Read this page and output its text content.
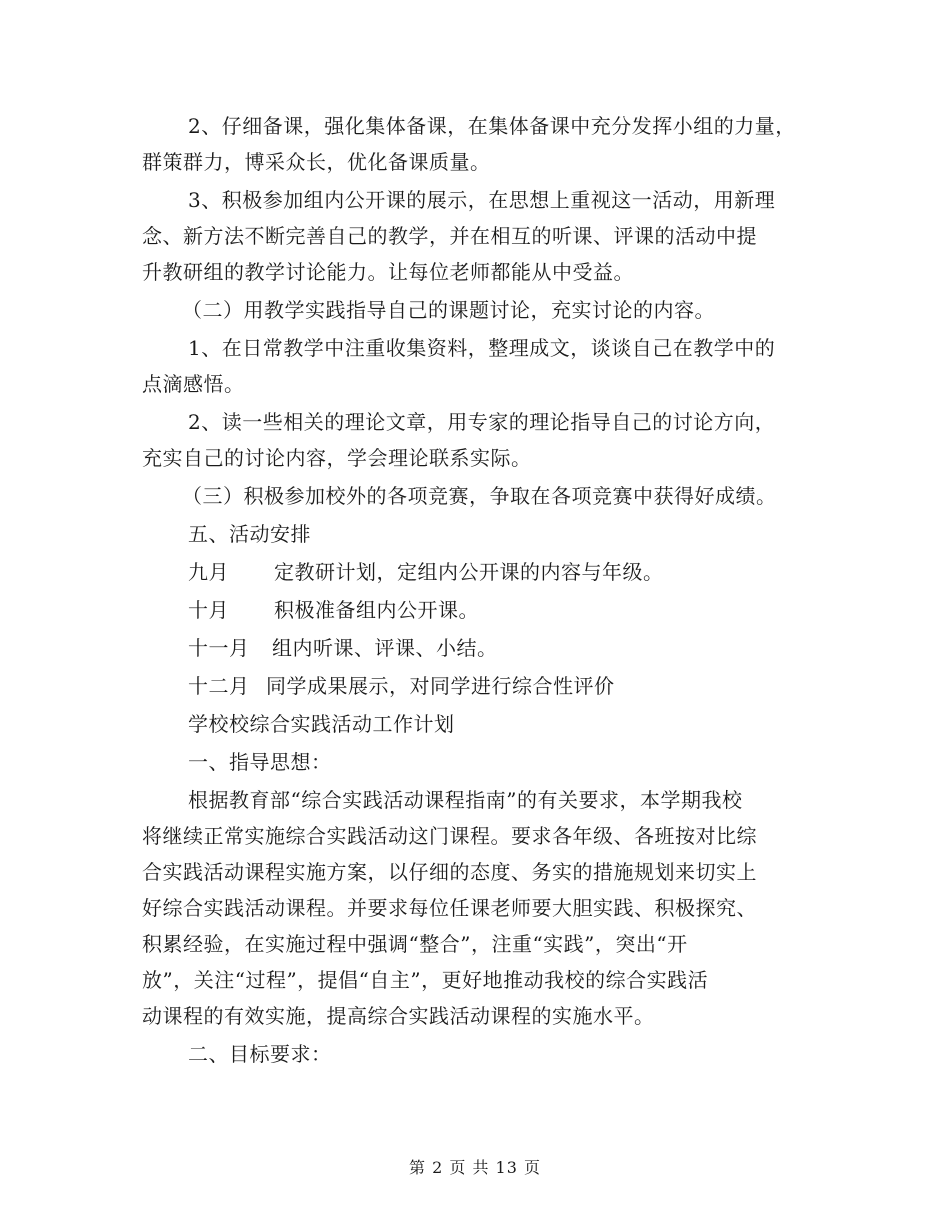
2、仔细备课，强化集体备课，在集体备课中充分发挥小组的力量，
群策群力，博采众长，优化备课质量。
3、积极参加组内公开课的展示，在思想上重视这一活动，用新理
念、新方法不断完善自己的教学，并在相互的听课、评课的活动中提
升教研组的教学讨论能力。让每位老师都能从中受益。
（二）用教学实践指导自己的课题讨论，充实讨论的内容。
1、在日常教学中注重收集资料，整理成文，谈谈自己在教学中的
点滴感悟。
2、读一些相关的理论文章，用专家的理论指导自己的讨论方向，
充实自己的讨论内容，学会理论联系实际。
（三）积极参加校外的各项竞赛，争取在各项竞赛中获得好成绩。
五、活动安排
九月 定教研计划，定组内公开课的内容与年级。
十月 积极准备组内公开课。
十一月 组内听课、评课、小结。
十二月 同学成果展示，对同学进行综合性评价
学校校综合实践活动工作计划
一、指导思想：
根据教育部“综合实践活动课程指南”的有关要求，本学期我校
将继续正常实施综合实践活动这门课程。要求各年级、各班按对比综
合实践活动课程实施方案，以仔细的态度、务实的措施规划来切实上
好综合实践活动课程。并要求每位任课老师要大胆实践、积极探究、
积累经验，在实施过程中强调“整合”，注重“实践”，突出“开
放”，关注“过程”，提倡“自主”，更好地推动我校的综合实践活
动课程的有效实施，提高综合实践活动课程的实施水平。
二、目标要求：
第 2 页 共 13 页
